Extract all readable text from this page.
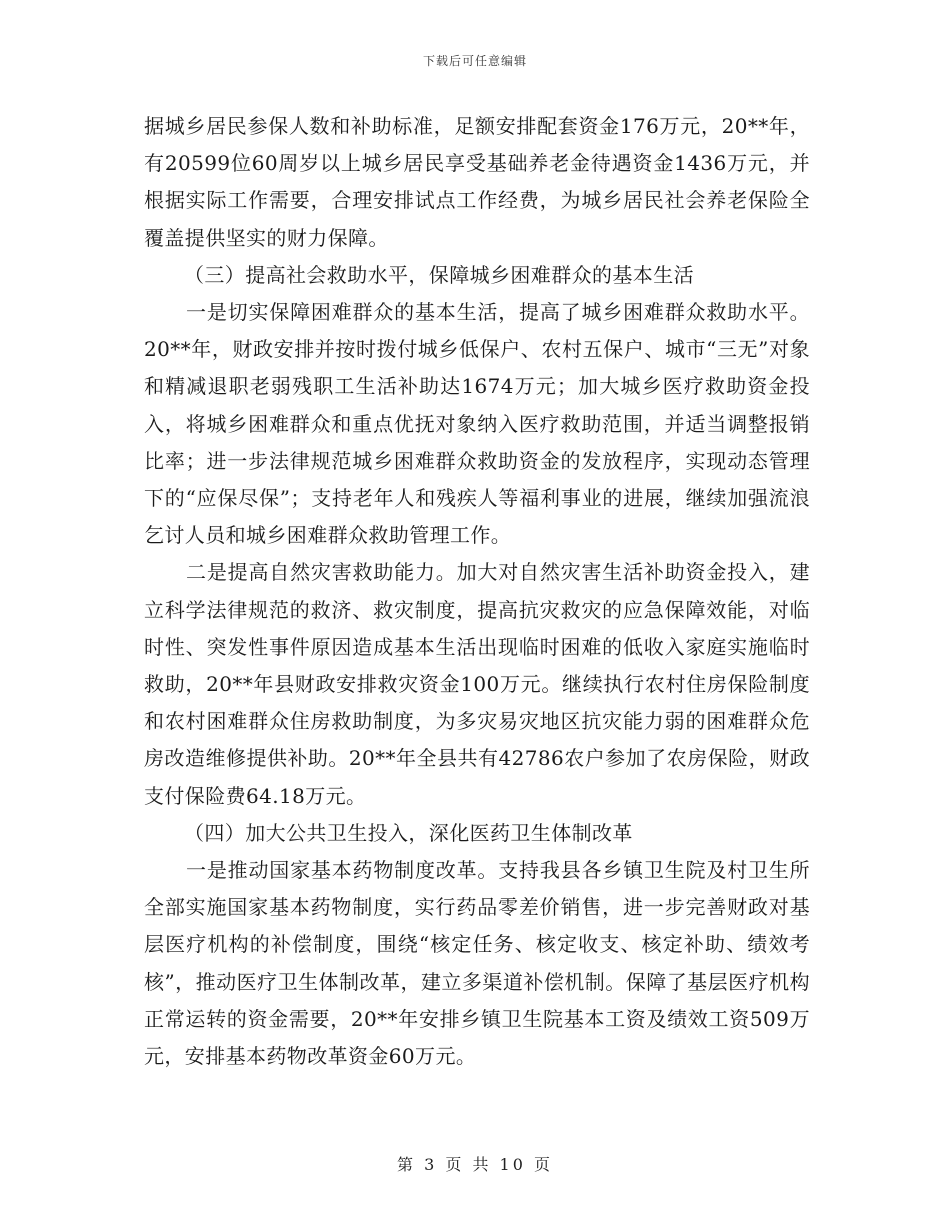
下载后可任意编辑

据城乡居民参保人数和补助标准，足额安排配套资金176万元，20**年，有20599位60周岁以上城乡居民享受基础养老金待遇资金1436万元，并根据实际工作需要，合理安排试点工作经费，为城乡居民社会养老保险全覆盖提供坚实的财力保障。

（三）提高社会救助水平，保障城乡困难群众的基本生活

一是切实保障困难群众的基本生活，提高了城乡困难群众救助水平。20**年，财政安排并按时拨付城乡低保户、农村五保户、城市“三无”对象和精减退职老弱残职工生活补助达1674万元；加大城乡医疗救助资金投入，将城乡困难群众和重点优抚对象纳入医疗救助范围，并适当调整报销比率；进一步法律规范城乡困难群众救助资金的发放程序，实现动态管理下的“应保尽保”；支持老年人和残疾人等福利事业的进展，继续加强流浪乞讨人员和城乡困难群众救助管理工作。

二是提高自然灾害救助能力。加大对自然灾害生活补助资金投入，建立科学法律规范的救济、救灾制度，提高抗灾救灾的应急保障效能，对临时性、突发性事件原因造成基本生活出现临时困难的低收入家庭实施临时救助，20**年县财政安排救灾资金100万元。继续执行农村住房保险制度和农村困难群众住房救助制度，为多灾易灾地区抗灾能力弱的困难群众危房改造维修提供补助。20**年全县共有42786农户参加了农房保险，财政支付保险费64.18万元。

（四）加大公共卫生投入，深化医药卫生体制改革

一是推动国家基本药物制度改革。支持我县各乡镇卫生院及村卫生所全部实施国家基本药物制度，实行药品零差价销售，进一步完善财政对基层医疗机构的补偿制度，围绕“核定任务、核定收支、核定补助、绩效考核”，推动医疗卫生体制改革，建立多渠道补偿机制。保障了基层医疗机构正常运转的资金需要，20**年安排乡镇卫生院基本工资及绩效工资509万元，安排基本药物改革资金60万元。

第 3 页 共 10 页
